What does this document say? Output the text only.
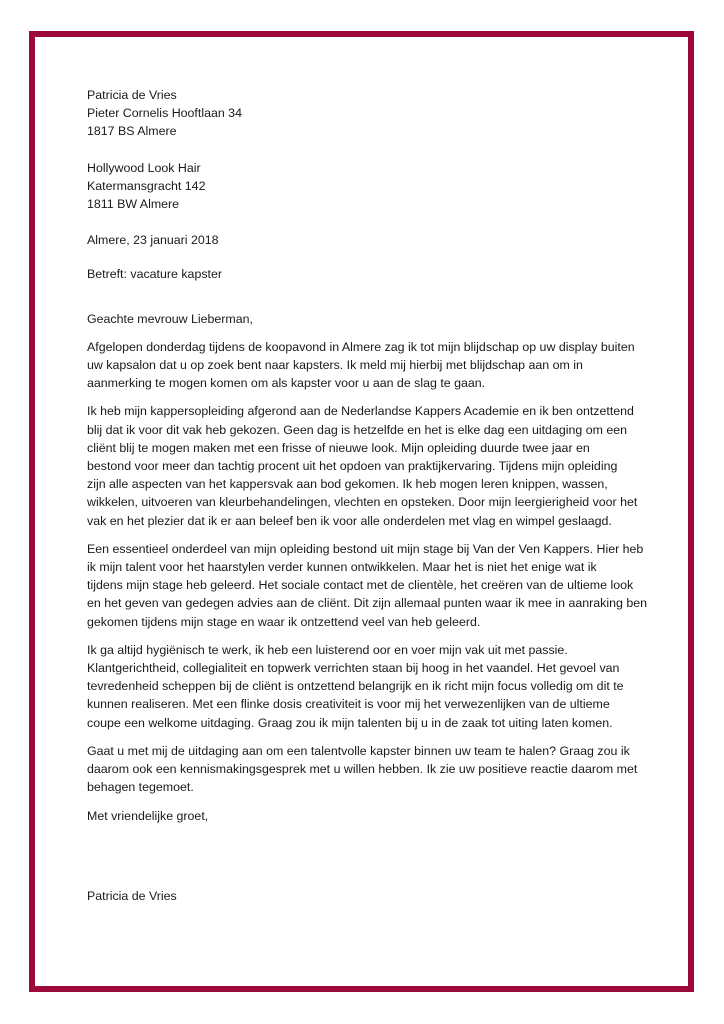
Patricia de Vries

Pieter Cornelis Hooftlaan 34

1817 BS Almere

Hollywood Look Hair

Katermansgracht 142

1811 BW Almere

Almere, 23 januari 2018

Betreft: vacature kapster

Geachte mevrouw Lieberman,

Afgelopen donderdag tijdens de koopavond in Almere zag ik tot mijn blijdschap op uw display buiten

uw kapsalon dat u op zoek bent naar kapsters. Ik meld mij hierbij met blijdschap aan om in

aanmerking te mogen komen om als kapster voor u aan de slag te gaan.

Ik heb mijn kappersopleiding afgerond aan de Nederlandse Kappers Academie en ik ben ontzettend

blij dat ik voor dit vak heb gekozen. Geen dag is hetzelfde en het is elke dag een uitdaging om een

cliënt blij te mogen maken met een frisse of nieuwe look. Mijn opleiding duurde twee jaar en

bestond voor meer dan tachtig procent uit het opdoen van praktijkervaring. Tijdens mijn opleiding

zijn alle aspecten van het kappersvak aan bod gekomen. Ik heb mogen leren knippen, wassen,

wikkelen, uitvoeren van kleurbehandelingen, vlechten en opsteken. Door mijn leergierigheid voor het

vak en het plezier dat ik er aan beleef ben ik voor alle onderdelen met vlag en wimpel geslaagd.

Een essentieel onderdeel van mijn opleiding bestond uit mijn stage bij Van der Ven Kappers. Hier heb

ik mijn talent voor het haarstylen verder kunnen ontwikkelen. Maar het is niet het enige wat ik

tijdens mijn stage heb geleerd. Het sociale contact met de clientèle, het creëren van de ultieme look

en het geven van gedegen advies aan de cliënt. Dit zijn allemaal punten waar ik mee in aanraking ben

gekomen tijdens mijn stage en waar ik ontzettend veel van heb geleerd.

Ik ga altijd hygiënisch te werk, ik heb een luisterend oor en voer mijn vak uit met passie.

Klantgerichtheid, collegialiteit en topwerk verrichten staan bij hoog in het vaandel. Het gevoel van

tevredenheid scheppen bij de cliënt is ontzettend belangrijk en ik richt mijn focus volledig om dit te

kunnen realiseren. Met een flinke dosis creativiteit is voor mij het verwezenlijken van de ultieme

coupe een welkome uitdaging. Graag zou ik mijn talenten bij u in de zaak tot uiting laten komen.

Gaat u met mij de uitdaging aan om een talentvolle kapster binnen uw team te halen? Graag zou ik

daarom ook een kennismakingsgesprek met u willen hebben. Ik zie uw positieve reactie daarom met

behagen tegemoet.

Met vriendelijke groet,

Patricia de Vries
